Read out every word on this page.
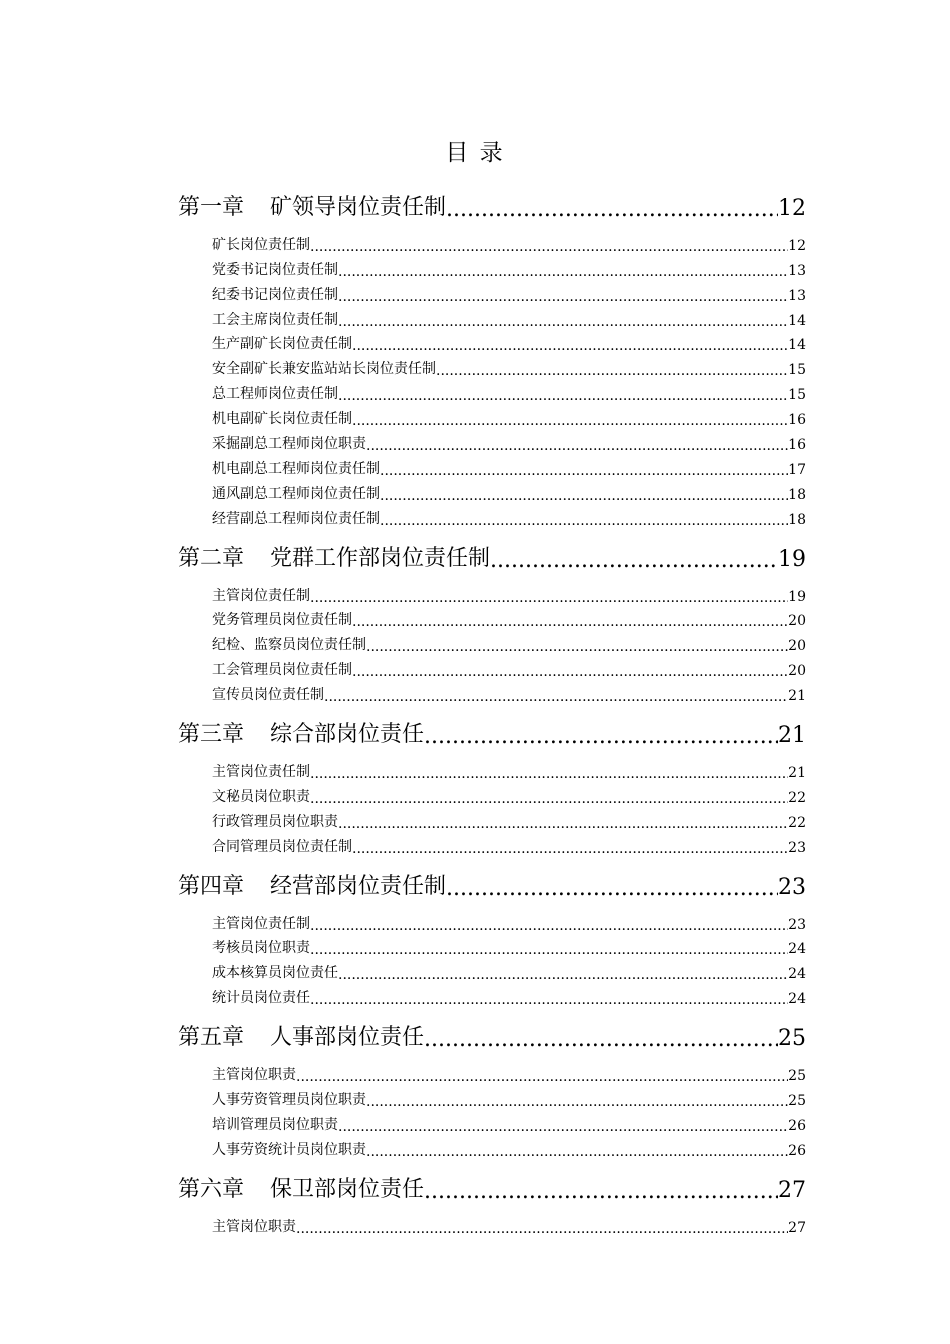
目 录
第一章 矿领导岗位责任制 .....	12
矿长岗位责任制 .....	12
党委书记岗位责任制 .....	13
纪委书记岗位责任制 .....	13
工会主席岗位责任制 .....	14
生产副矿长岗位责任制 .....	14
安全副矿长兼安监站站长岗位责任制 .....	15
总工程师岗位责任制 .....	15
机电副矿长岗位责任制 .....	16
采掘副总工程师岗位职责 .....	16
机电副总工程师岗位责任制 .....	17
通风副总工程师岗位责任制 .....	18
经营副总工程师岗位责任制 .....	18
第二章 党群工作部岗位责任制 .....	19
主管岗位责任制 .....	19
党务管理员岗位责任制 .....	20
纪检、监察员岗位责任制 .....	20
工会管理员岗位责任制 .....	20
宣传员岗位责任制 .....	21
第三章 综合部岗位责任 .....	21
主管岗位责任制 .....	21
文秘员岗位职责 .....	22
行政管理员岗位职责 .....	22
合同管理员岗位责任制 .....	23
第四章 经营部岗位责任制 .....	23
主管岗位责任制 .....	23
考核员岗位职责 .....	24
成本核算员岗位责任 .....	24
统计员岗位责任 .....	24
第五章 人事部岗位责任 .....	25
主管岗位职责 .....	25
人事劳资管理员岗位职责 .....	25
培训管理员岗位职责 .....	26
人事劳资统计员岗位职责 .....	26
第六章 保卫部岗位责任 .....	27
主管岗位职责 .....	27
